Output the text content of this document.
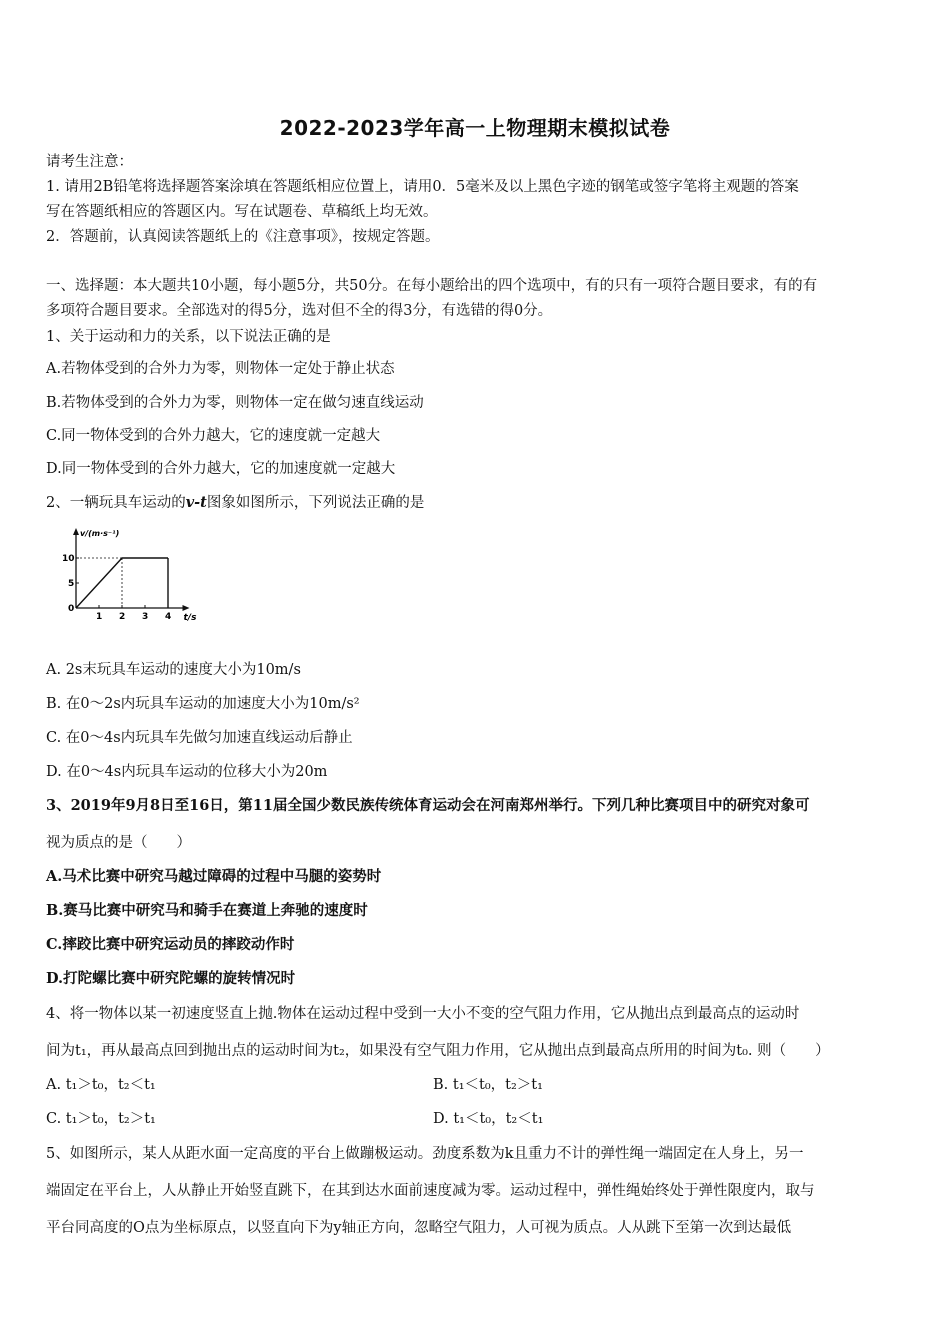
2022-2023学年高一上物理期末模拟试卷
请考生注意：
1. 请用2B铅笔将选择题答案涂填在答题纸相应位置上，请用0．5毫米及以上黑色字迹的钢笔或签字笔将主观题的答案
写在答题纸相应的答题区内。写在试题卷、草稿纸上均无效。
2．答题前，认真阅读答题纸上的《注意事项》，按规定答题。
一、选择题：本大题共10小题，每小题5分，共50分。在每小题给出的四个选项中，有的只有一项符合题目要求，有的有
多项符合题目要求。全部选对的得5分，选对但不全的得3分，有选错的得0分。
1、关于运动和力的关系，以下说法正确的是
A.若物体受到的合外力为零，则物体一定处于静止状态
B.若物体受到的合外力为零，则物体一定在做匀速直线运动
C.同一物体受到的合外力越大，它的速度就一定越大
D.同一物体受到的合外力越大，它的加速度就一定越大
2、一辆玩具车运动的v-t图象如图所示，下列说法正确的是
v/(m·s⁻¹)
t/s
1 2 3 4
0
5
10
A. 2s末玩具车运动的速度大小为10m/s
B. 在0～2s内玩具车运动的加速度大小为10m/s²
C. 在0～4s内玩具车先做匀加速直线运动后静止
D. 在0～4s内玩具车运动的位移大小为20m
3、2019年9月8日至16日，第11届全国少数民族传统体育运动会在河南郑州举行。下列几种比赛项目中的研究对象可
视为质点的是（　　）
A.马术比赛中研究马越过障碍的过程中马腿的姿势时
B.赛马比赛中研究马和骑手在赛道上奔驰的速度时
C.摔跤比赛中研究运动员的摔跤动作时
D.打陀螺比赛中研究陀螺的旋转情况时
4、将一物体以某一初速度竖直上抛.物体在运动过程中受到一大小不变的空气阻力作用，它从抛出点到最高点的运动时
间为t₁，再从最高点回到抛出点的运动时间为t₂，如果没有空气阻力作用，它从抛出点到最高点所用的时间为t₀. 则（　　）
A. t₁＞t₀，t₂＜t₁	B. t₁＜t₀，t₂＞t₁
C. t₁＞t₀，t₂＞t₁	D. t₁＜t₀，t₂＜t₁
5、如图所示，某人从距水面一定高度的平台上做蹦极运动。劲度系数为k且重力不计的弹性绳一端固定在人身上，另一
端固定在平台上，人从静止开始竖直跳下，在其到达水面前速度减为零。运动过程中，弹性绳始终处于弹性限度内，取与
平台同高度的O点为坐标原点，以竖直向下为y轴正方向，忽略空气阻力，人可视为质点。人从跳下至第一次到达最低
